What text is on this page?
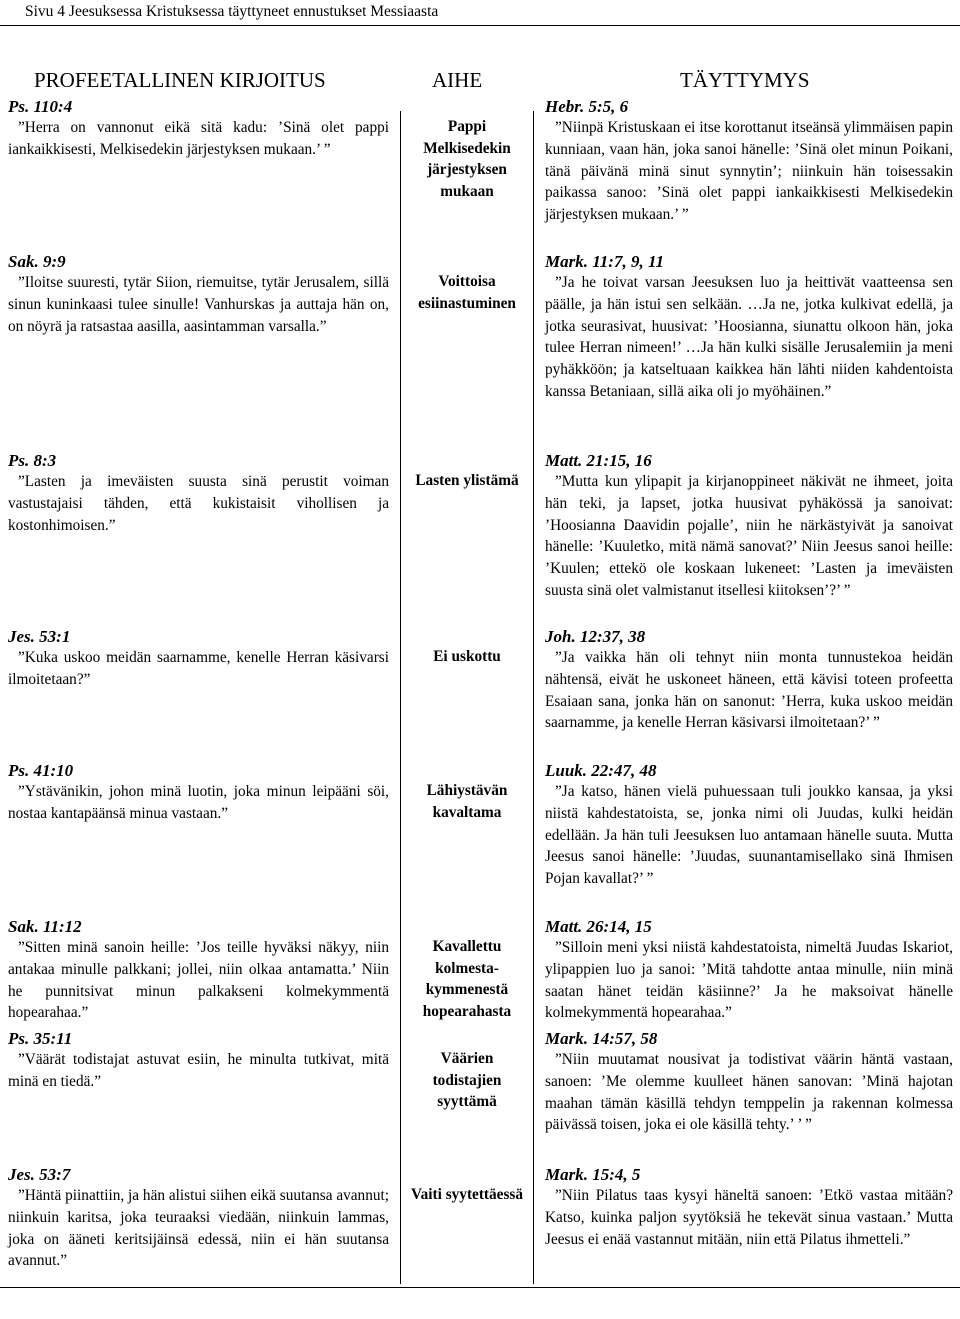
Sivu 4 Jeesuksessa Kristuksessa täyttyneet ennustukset Messiaasta
PROFEETALLINEN KIRJOITUS	AIHE	TÄYTTYMYS
Ps. 110:4
”Herra on vannonut eikä sitä kadu: ’Sinä olet pappi iankaikkisesti, Melkisedekin järjestyksen mukaan.’ ”
Pappi Melkisedekin järjestyksen mukaan
Hebr. 5:5, 6
”Niinpä Kristuskaan ei itse korottanut itseänsä ylimmäisen papin kunniaan, vaan hän, joka sanoi hänelle: ’Sinä olet minun Poikani, tänä päivänä minä sinut synnytin’; niinkuin hän toisessakin paikassa sanoo: ’Sinä olet pappi iankaikkisesti Melkisedekin järjestyksen mukaan.’ ”
Sak. 9:9
”Iloitse suuresti, tytär Siion, riemuitse, tytär Jerusalem, sillä sinun kuninkaasi tulee sinulle! Vanhurskas ja auttaja hän on, on nöyrä ja ratsastaa aasilla, aasintamman varsalla.”
Voittoisa esiinastuminen
Mark. 11:7, 9, 11
”Ja he toivat varsan Jeesuksen luo ja heittivät vaatteensa sen päälle, ja hän istui sen selkään. …Ja ne, jotka kulkivat edellä, ja jotka seurasivat, huusivat: ’Hoosianna, siunattu olkoon hän, joka tulee Herran nimeen!’ …Ja hän kulki sisälle Jerusalemiin ja meni pyhäkköön; ja katseltuaan kaikkea hän lähti niiden kahdentoista kanssa Betaniaan, sillä aika oli jo myöhäinen.”
Ps. 8:3
”Lasten ja imeväisten suusta sinä perustit voiman vastustajaisi tähden, että kukistaisit vihollisen ja kostonhimoisen.”
Lasten ylistämä
Matt. 21:15, 16
”Mutta kun ylipapit ja kirjanoppineet näkivät ne ihmeet, joita hän teki, ja lapset, jotka huusivat pyhäkössä ja sanoivat: ’Hoosianna Daavidin pojalle’, niin he närkästyivät ja sanoivat hänelle: ’Kuuletko, mitä nämä sanovat?’ Niin Jeesus sanoi heille: ’Kuulen; ettekö ole koskaan lukeneet: ’Lasten ja imeväisten suusta sinä olet valmistanut itsellesi kiitoksen’?’ ”
Jes. 53:1
”Kuka uskoo meidän saarnamme, kenelle Herran käsivarsi ilmoitetaan?”
Ei uskottu
Joh. 12:37, 38
”Ja vaikka hän oli tehnyt niin monta tunnustekoa heidän nähtensä, eivät he uskoneet häneen, että kävisi toteen profeetta Esaiaan sana, jonka hän on sanonut: ’Herra, kuka uskoo meidän saarnamme, ja kenelle Herran käsivarsi ilmoitetaan?’ ”
Ps. 41:10
”Ystävänikin, johon minä luotin, joka minun leipääni söi, nostaa kantapäänsä minua vastaan.”
Lähiystävän kavaltama
Luuk. 22:47, 48
”Ja katso, hänen vielä puhuessaan tuli joukko kansaa, ja yksi niistä kahdestatoista, se, jonka nimi oli Juudas, kulki heidän edellään. Ja hän tuli Jeesuksen luo antamaan hänelle suuta. Mutta Jeesus sanoi hänelle: ’Juudas, suunantamisellako sinä Ihmisen Pojan kavallat?’ ”
Sak. 11:12
”Sitten minä sanoin heille: ’Jos teille hyväksi näkyy, niin antakaa minulle palkkani; jollei, niin olkaa antamatta.’ Niin he punnitsivat minun palkakseni kolmekymmentä hopearahaa.”
Kavallettu kolmesta-kymmenestä hopearahasta
Matt. 26:14, 15
”Silloin meni yksi niistä kahdestatoista, nimeltä Juudas Iskariot, ylipappien luo ja sanoi: ’Mitä tahdotte antaa minulle, niin minä saatan hänet teidän käsiinne?’ Ja he maksoivat hänelle kolmekymmentä hopearahaa.”
Ps. 35:11
”Väärät todistajat astuvat esiin, he minulta tutkivat, mitä minä en tiedä.”
Väärien todistajien syyttämä
Mark. 14:57, 58
”Niin muutamat nousivat ja todistivat väärin häntä vastaan, sanoen: ’Me olemme kuulleet hänen sanovan: ’Minä hajotan maahan tämän käsillä tehdyn temppelin ja rakennan kolmessa päivässä toisen, joka ei ole käsillä tehty.’ ’ ”
Jes. 53:7
”Häntä piinattiin, ja hän alistui siihen eikä suutansa avannut; niinkuin karitsa, joka teuraaksi viedään, niinkuin lammas, joka on ääneti keritsijäinsä edessä, niin ei hän suutansa avannut.”
Vaiti syytettäessä
Mark. 15:4, 5
”Niin Pilatus taas kysyi häneltä sanoen: ’Etkö vastaa mitään? Katso, kuinka paljon syytöksiä he tekevät sinua vastaan.’ Mutta Jeesus ei enää vastannut mitään, niin että Pilatus ihmetteli.”
